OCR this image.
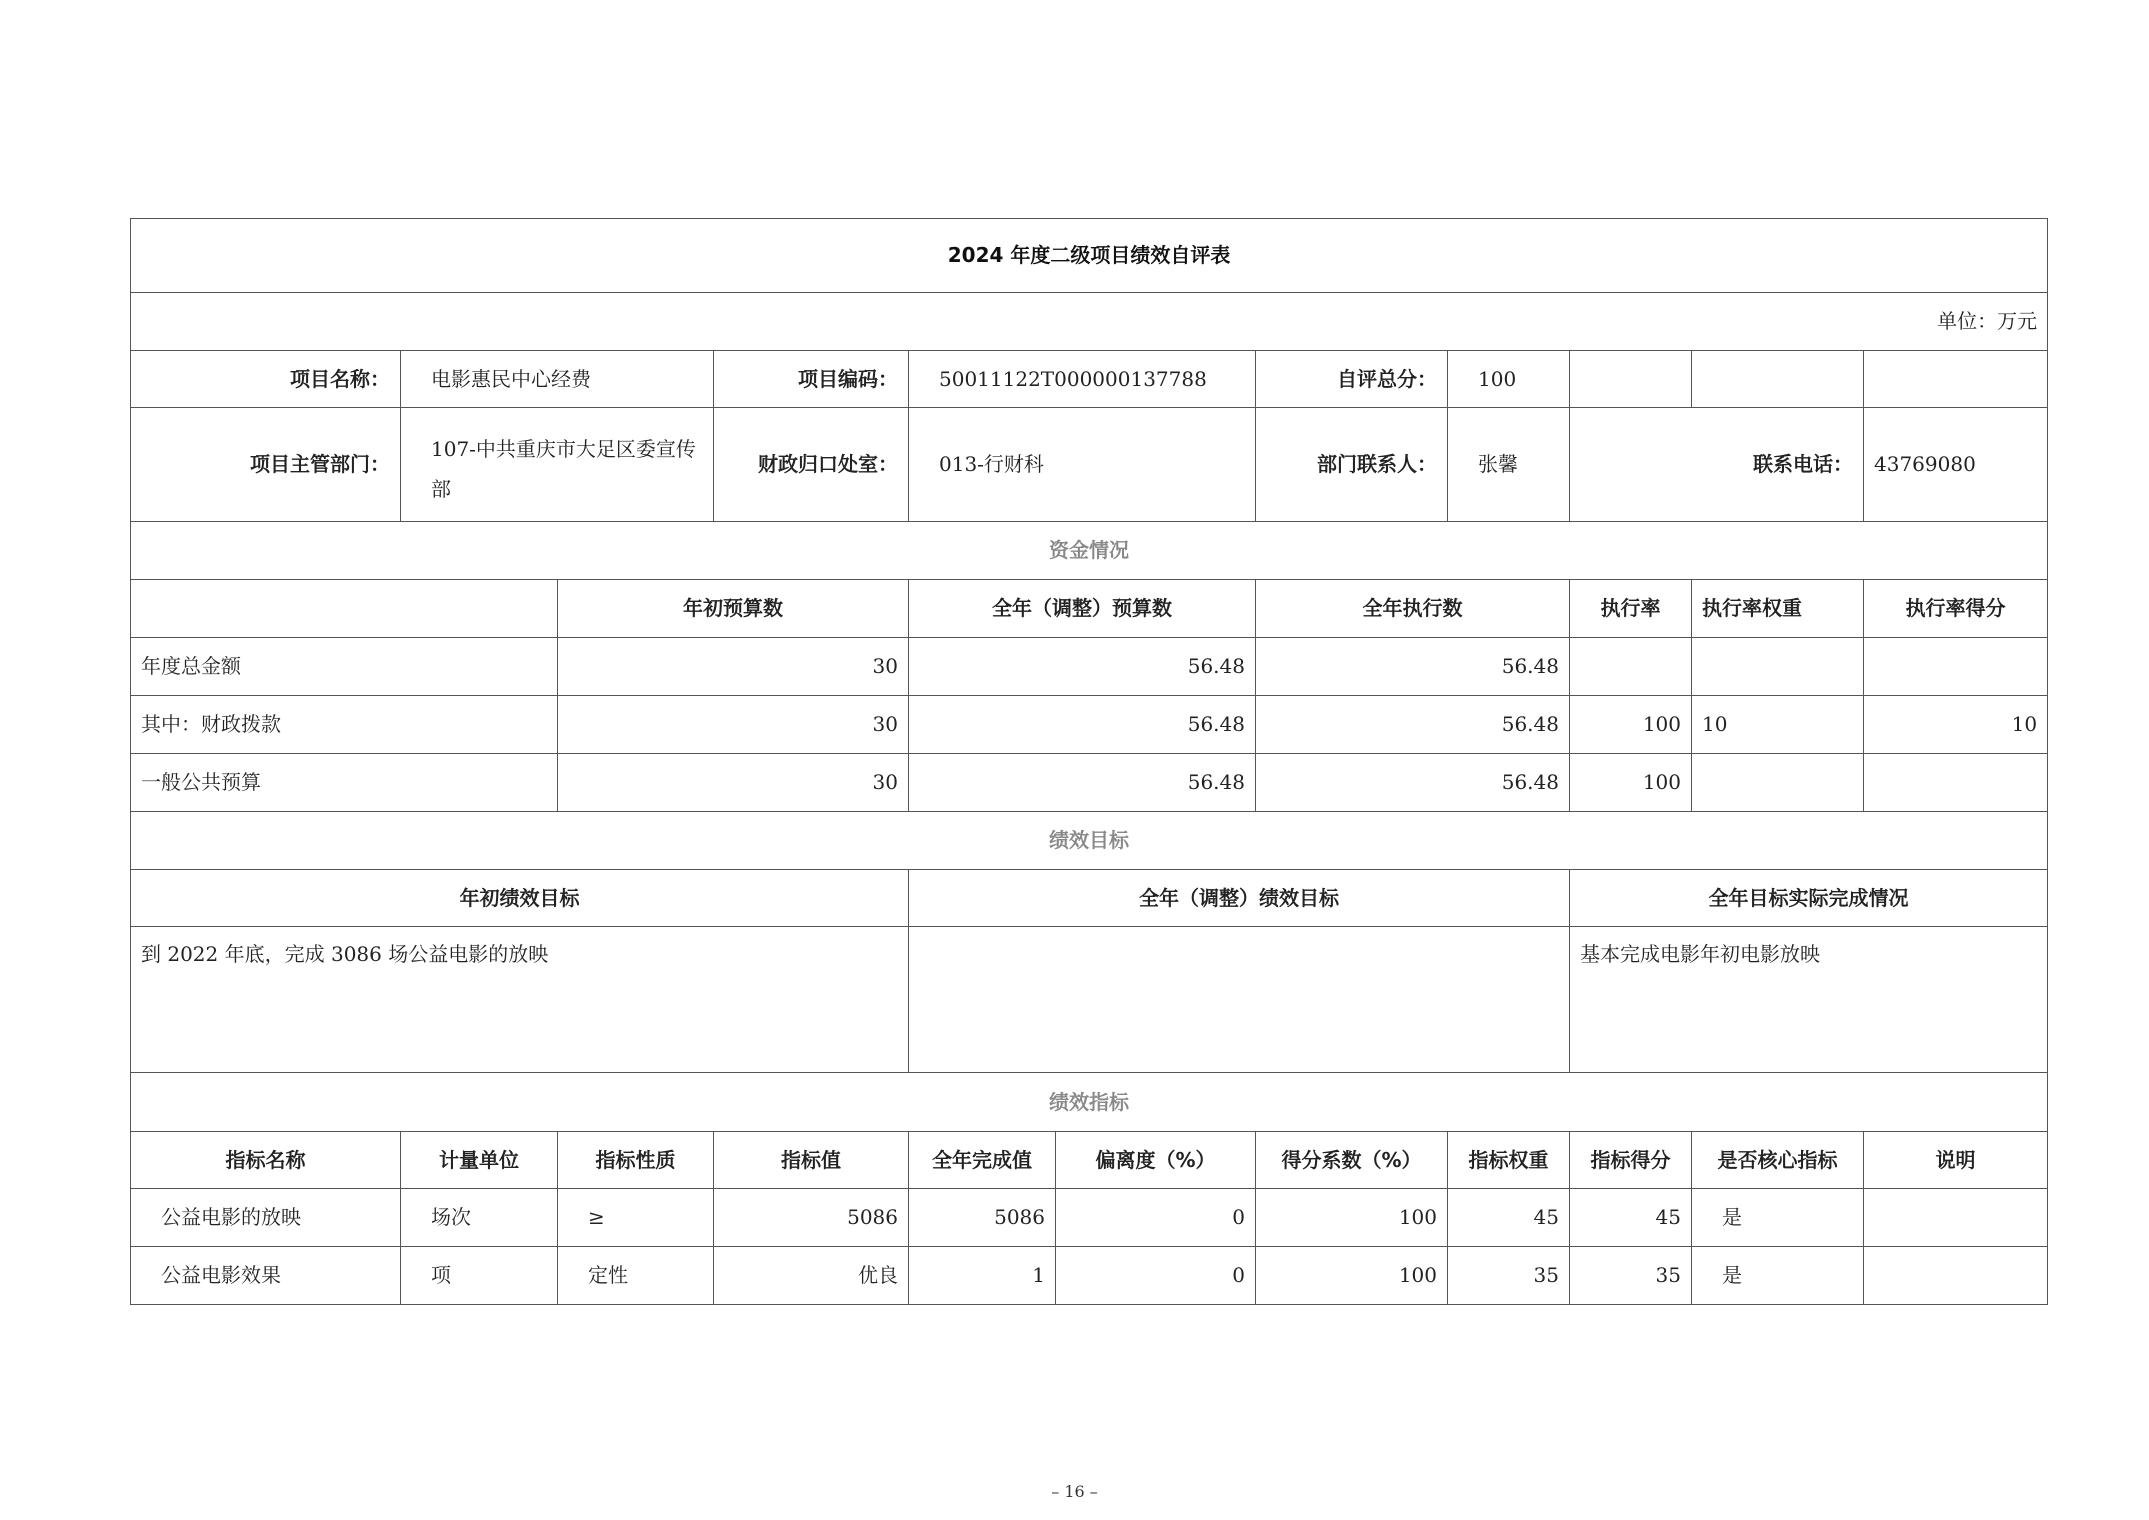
2024 年度二级项目绩效自评表										
单位：万元										
项目名称：	电影惠民中心经费		项目编码：	50011122T000000137788		自评总分：	100			
项目主管部门：	107-中共重庆市大足区委宣传部		财政归口处室：	013-行财科		部门联系人：	张馨	联系电话：		43769080
资金情况										
		年初预算数		全年（调整）预算数		全年执行数		执行率	执行率权重	执行率得分
年度总金额		30		56.48		56.48				
其中：财政拨款		30		56.48		56.48		100	10	10
一般公共预算		30		56.48		56.48		100		
绩效目标										
年初绩效目标				全年（调整）绩效目标				全年目标实际完成情况		
到 2022 年底，完成 3086 场公益电影的放映								基本完成电影年初电影放映		
绩效指标										
指标名称	计量单位	指标性质	指标值	全年完成值	偏离度（%）	得分系数（%）	指标权重	指标得分	是否核心指标	说明
公益电影的放映	场次	≥	5086	5086	0	100	45	45	是	
公益电影效果	项	定性	优良	1	0	100	35	35	是	
– 16 –
